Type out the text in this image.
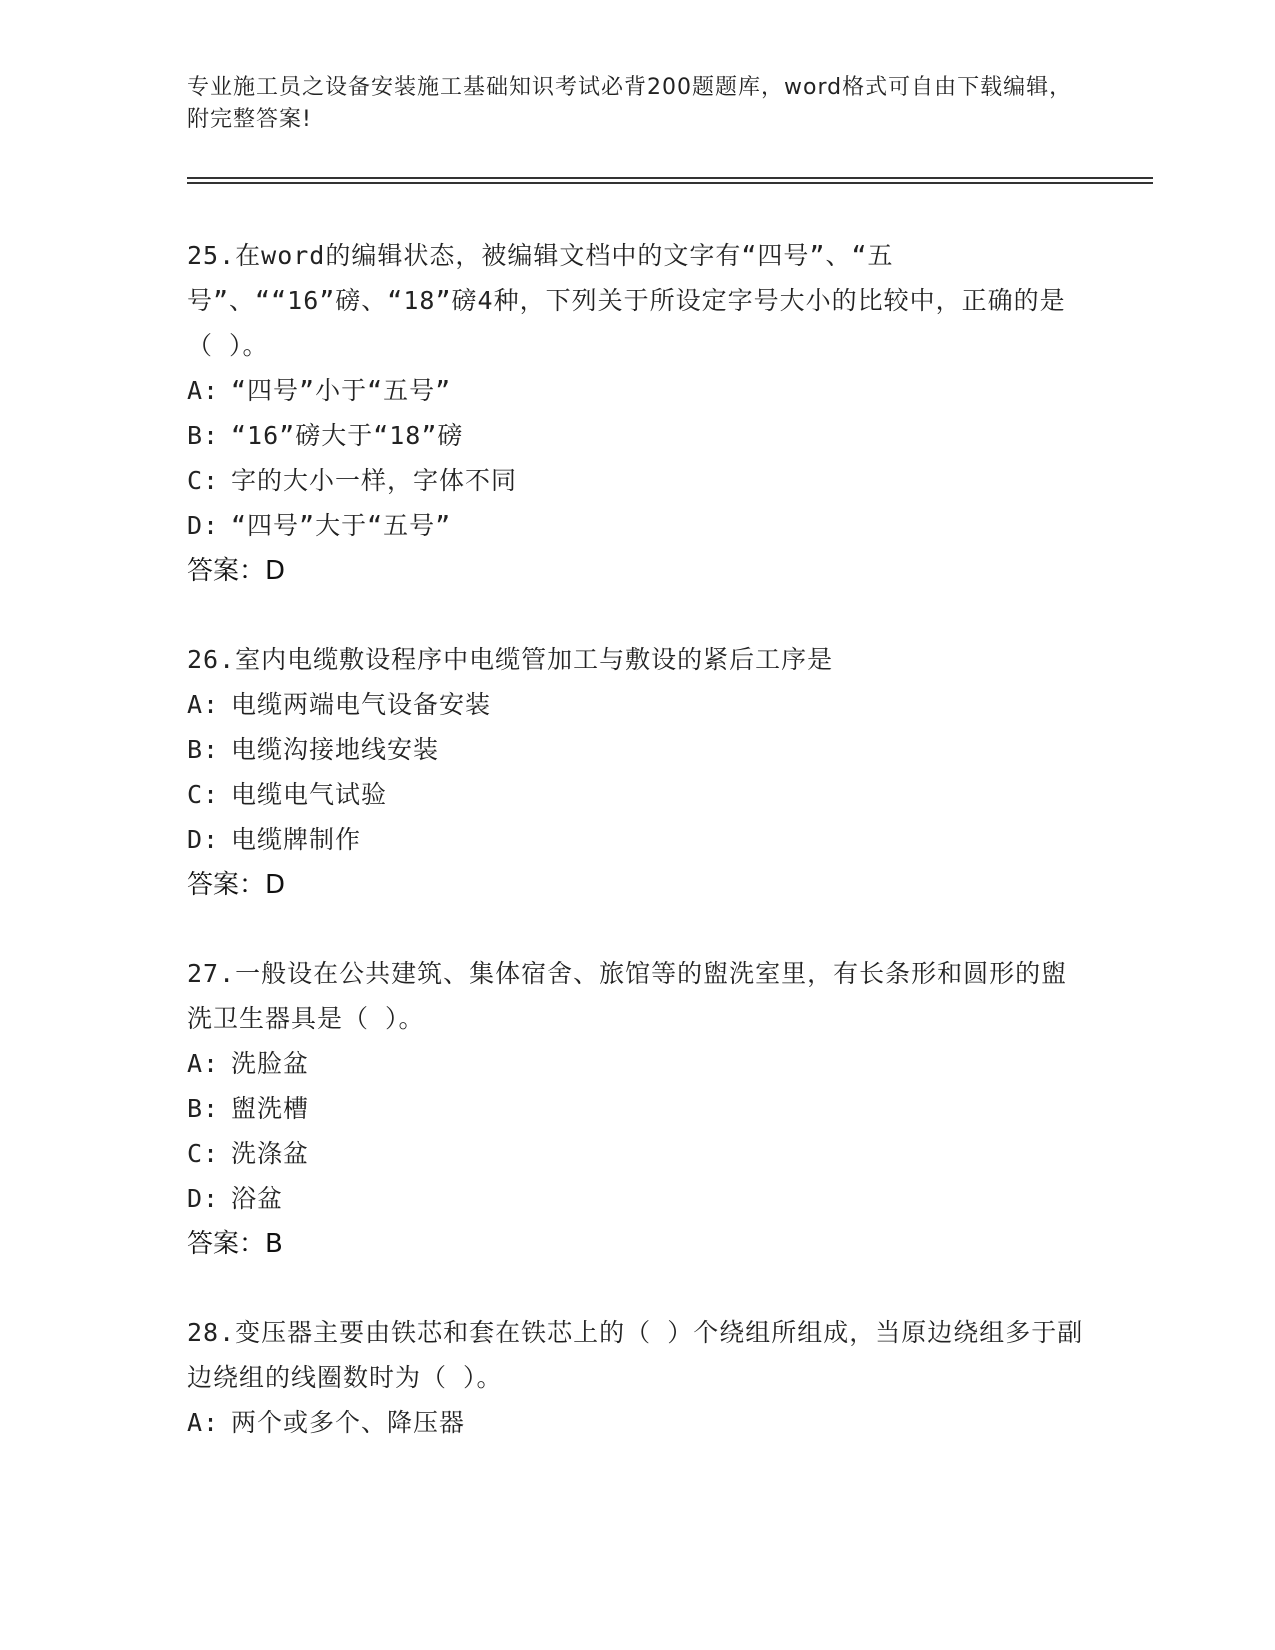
专业施工员之设备安装施工基础知识考试必背200题题库，word格式可自由下载编辑，附完整答案!
25.在word的编辑状态，被编辑文档中的文字有“四号”、“五号”、““16”磅、“18”磅4种，下列关于所设定字号大小的比较中，正确的是（ ）。
A: “四号”小于“五号”
B: “16”磅大于“18”磅
C: 字的大小一样，字体不同
D: “四号”大于“五号”
答案：D
26.室内电缆敷设程序中电缆管加工与敷设的紧后工序是
A: 电缆两端电气设备安装
B: 电缆沟接地线安装
C: 电缆电气试验
D: 电缆牌制作
答案：D
27.一般设在公共建筑、集体宿舍、旅馆等的盥洗室里，有长条形和圆形的盥洗卫生器具是（ ）。
A: 洗脸盆
B: 盥洗槽
C: 洗涤盆
D: 浴盆
答案：B
28.变压器主要由铁芯和套在铁芯上的（ ）个绕组所组成，当原边绕组多于副边绕组的线圈数时为（ ）。
A: 两个或多个、降压器
